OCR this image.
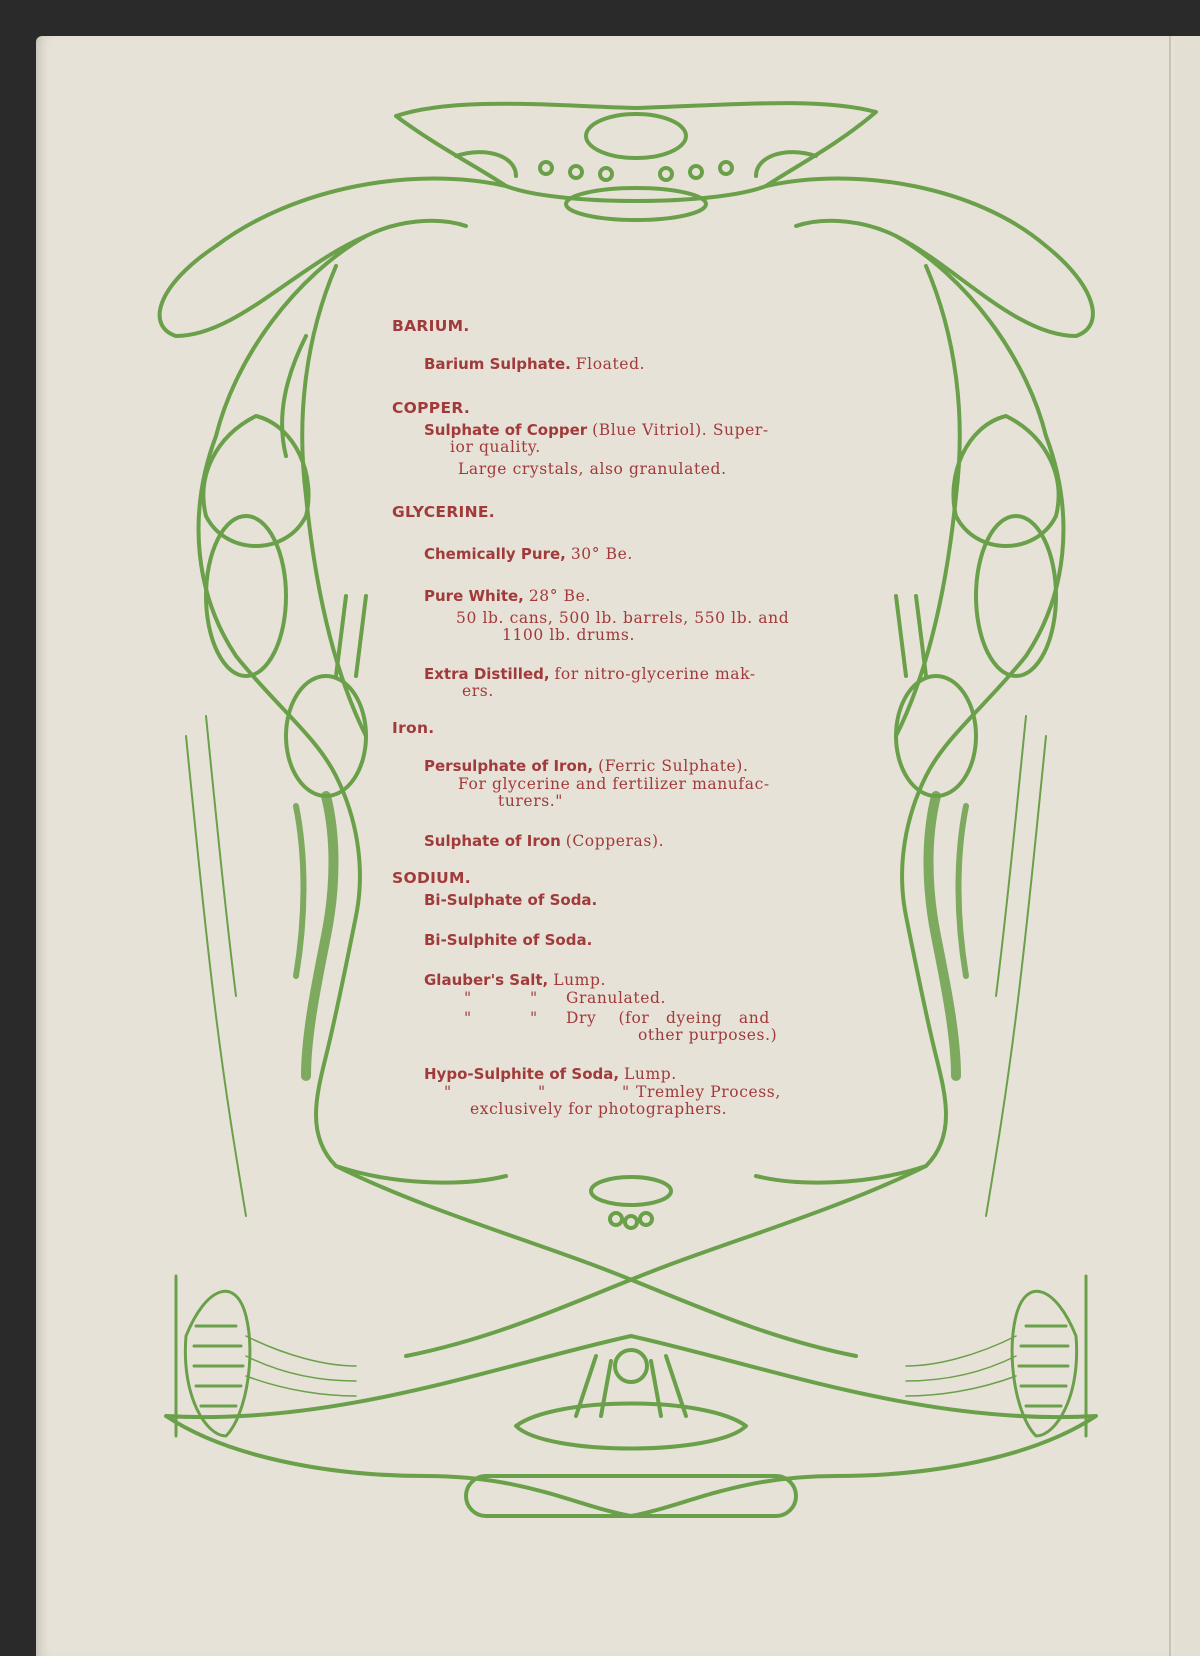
BARIUM.
Barium Sulphate. Floated.
COPPER.
Sulphate of Copper (Blue Vitriol). Super-
ior quality.
Large crystals, also granulated.
GLYCERINE.
Chemically Pure, 30° Be.
Pure White, 28° Be.
50 lb. cans, 500 lb. barrels, 550 lb. and
1100 lb. drums.
Extra Distilled, for nitro-glycerine mak-
ers.
Iron.
Persulphate of Iron, (Ferric Sulphate).
For glycerine and fertilizer manufac-
turers."
Sulphate of Iron (Copperas).
SODIUM.
Bi-Sulphate of Soda.
Bi-Sulphite of Soda.
Glauber's Salt, Lump.
"	" Granulated.
"	" Dry    (for   dyeing   and
other purposes.)
Hypo-Sulphite of Soda, Lump.
"	"	" Tremley Process,
exclusively for photographers.
